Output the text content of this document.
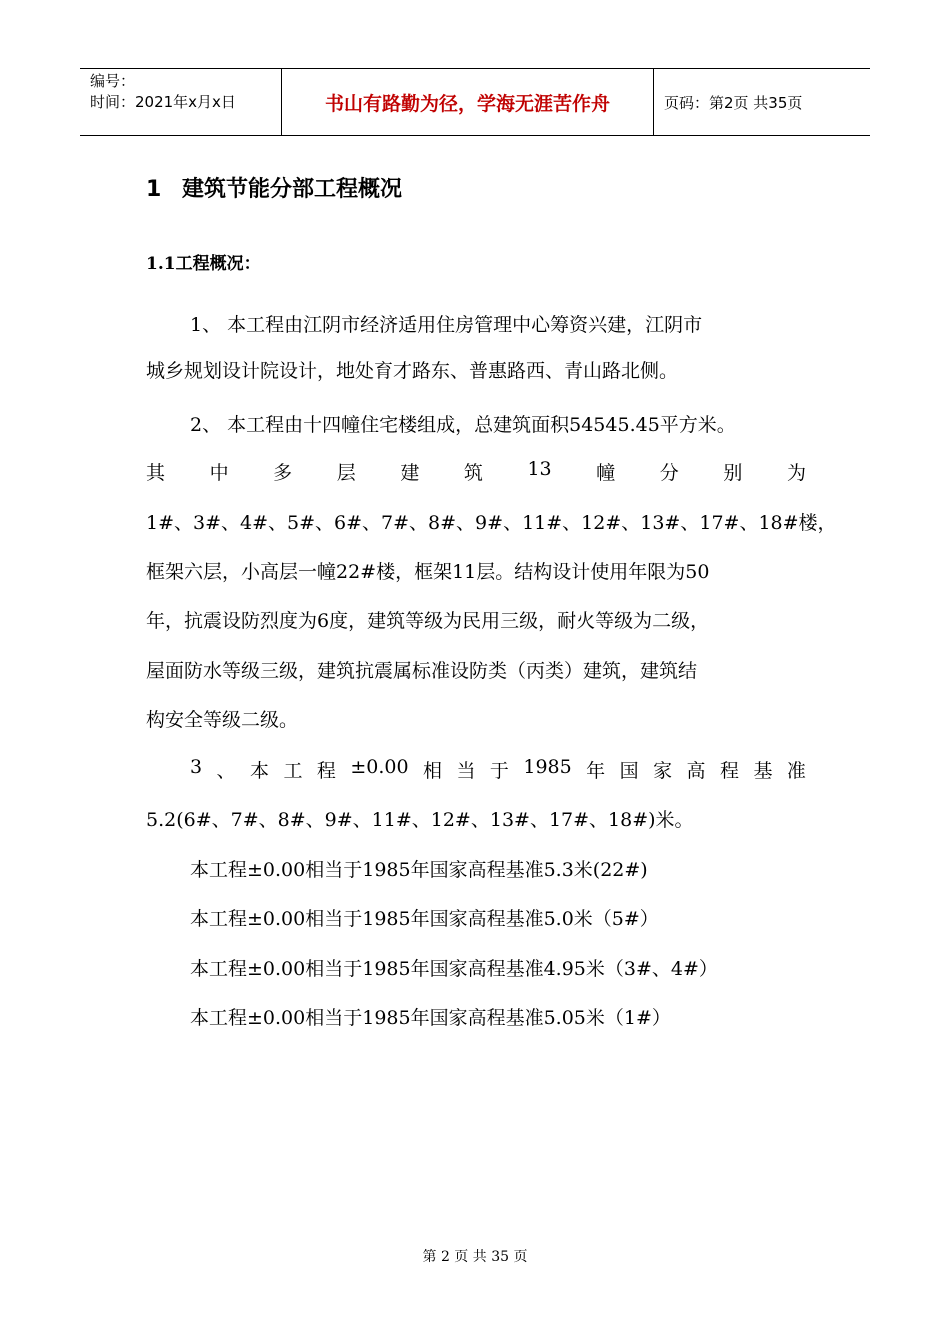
编号：
时间：2021年x月x日	书山有路勤为径，学海无涯苦作舟	页码：第2页 共35页
1 建筑节能分部工程概况
1.1工程概况：
1、 本工程由江阴市经济适用住房管理中心筹资兴建，江阴市
城乡规划设计院设计，地处育才路东、普惠路西、青山路北侧。
2、 本工程由十四幢住宅楼组成，总建筑面积54545.45平方米。
其 中 多 层 建 筑 13 幢 分 别 为
1#、3#、4#、5#、6#、7#、8#、9#、11#、12#、13#、17#、18#楼，
框架六层，小高层一幢22#楼，框架11层。结构设计使用年限为50
年，抗震设防烈度为6度，建筑等级为民用三级，耐火等级为二级，
屋面防水等级三级，建筑抗震属标准设防类（丙类）建筑，建筑结
构安全等级二级。
3 、 本 工 程 ±0.00 相 当 于 1985 年 国 家 高 程 基 准
5.2(6#、7#、8#、9#、11#、12#、13#、17#、18#)米。
本工程±0.00相当于1985年国家高程基准5.3米(22#)
本工程±0.00相当于1985年国家高程基准5.0米（5#）
本工程±0.00相当于1985年国家高程基准4.95米（3#、4#）
本工程±0.00相当于1985年国家高程基准5.05米（1#）
第 2 页 共 35 页
